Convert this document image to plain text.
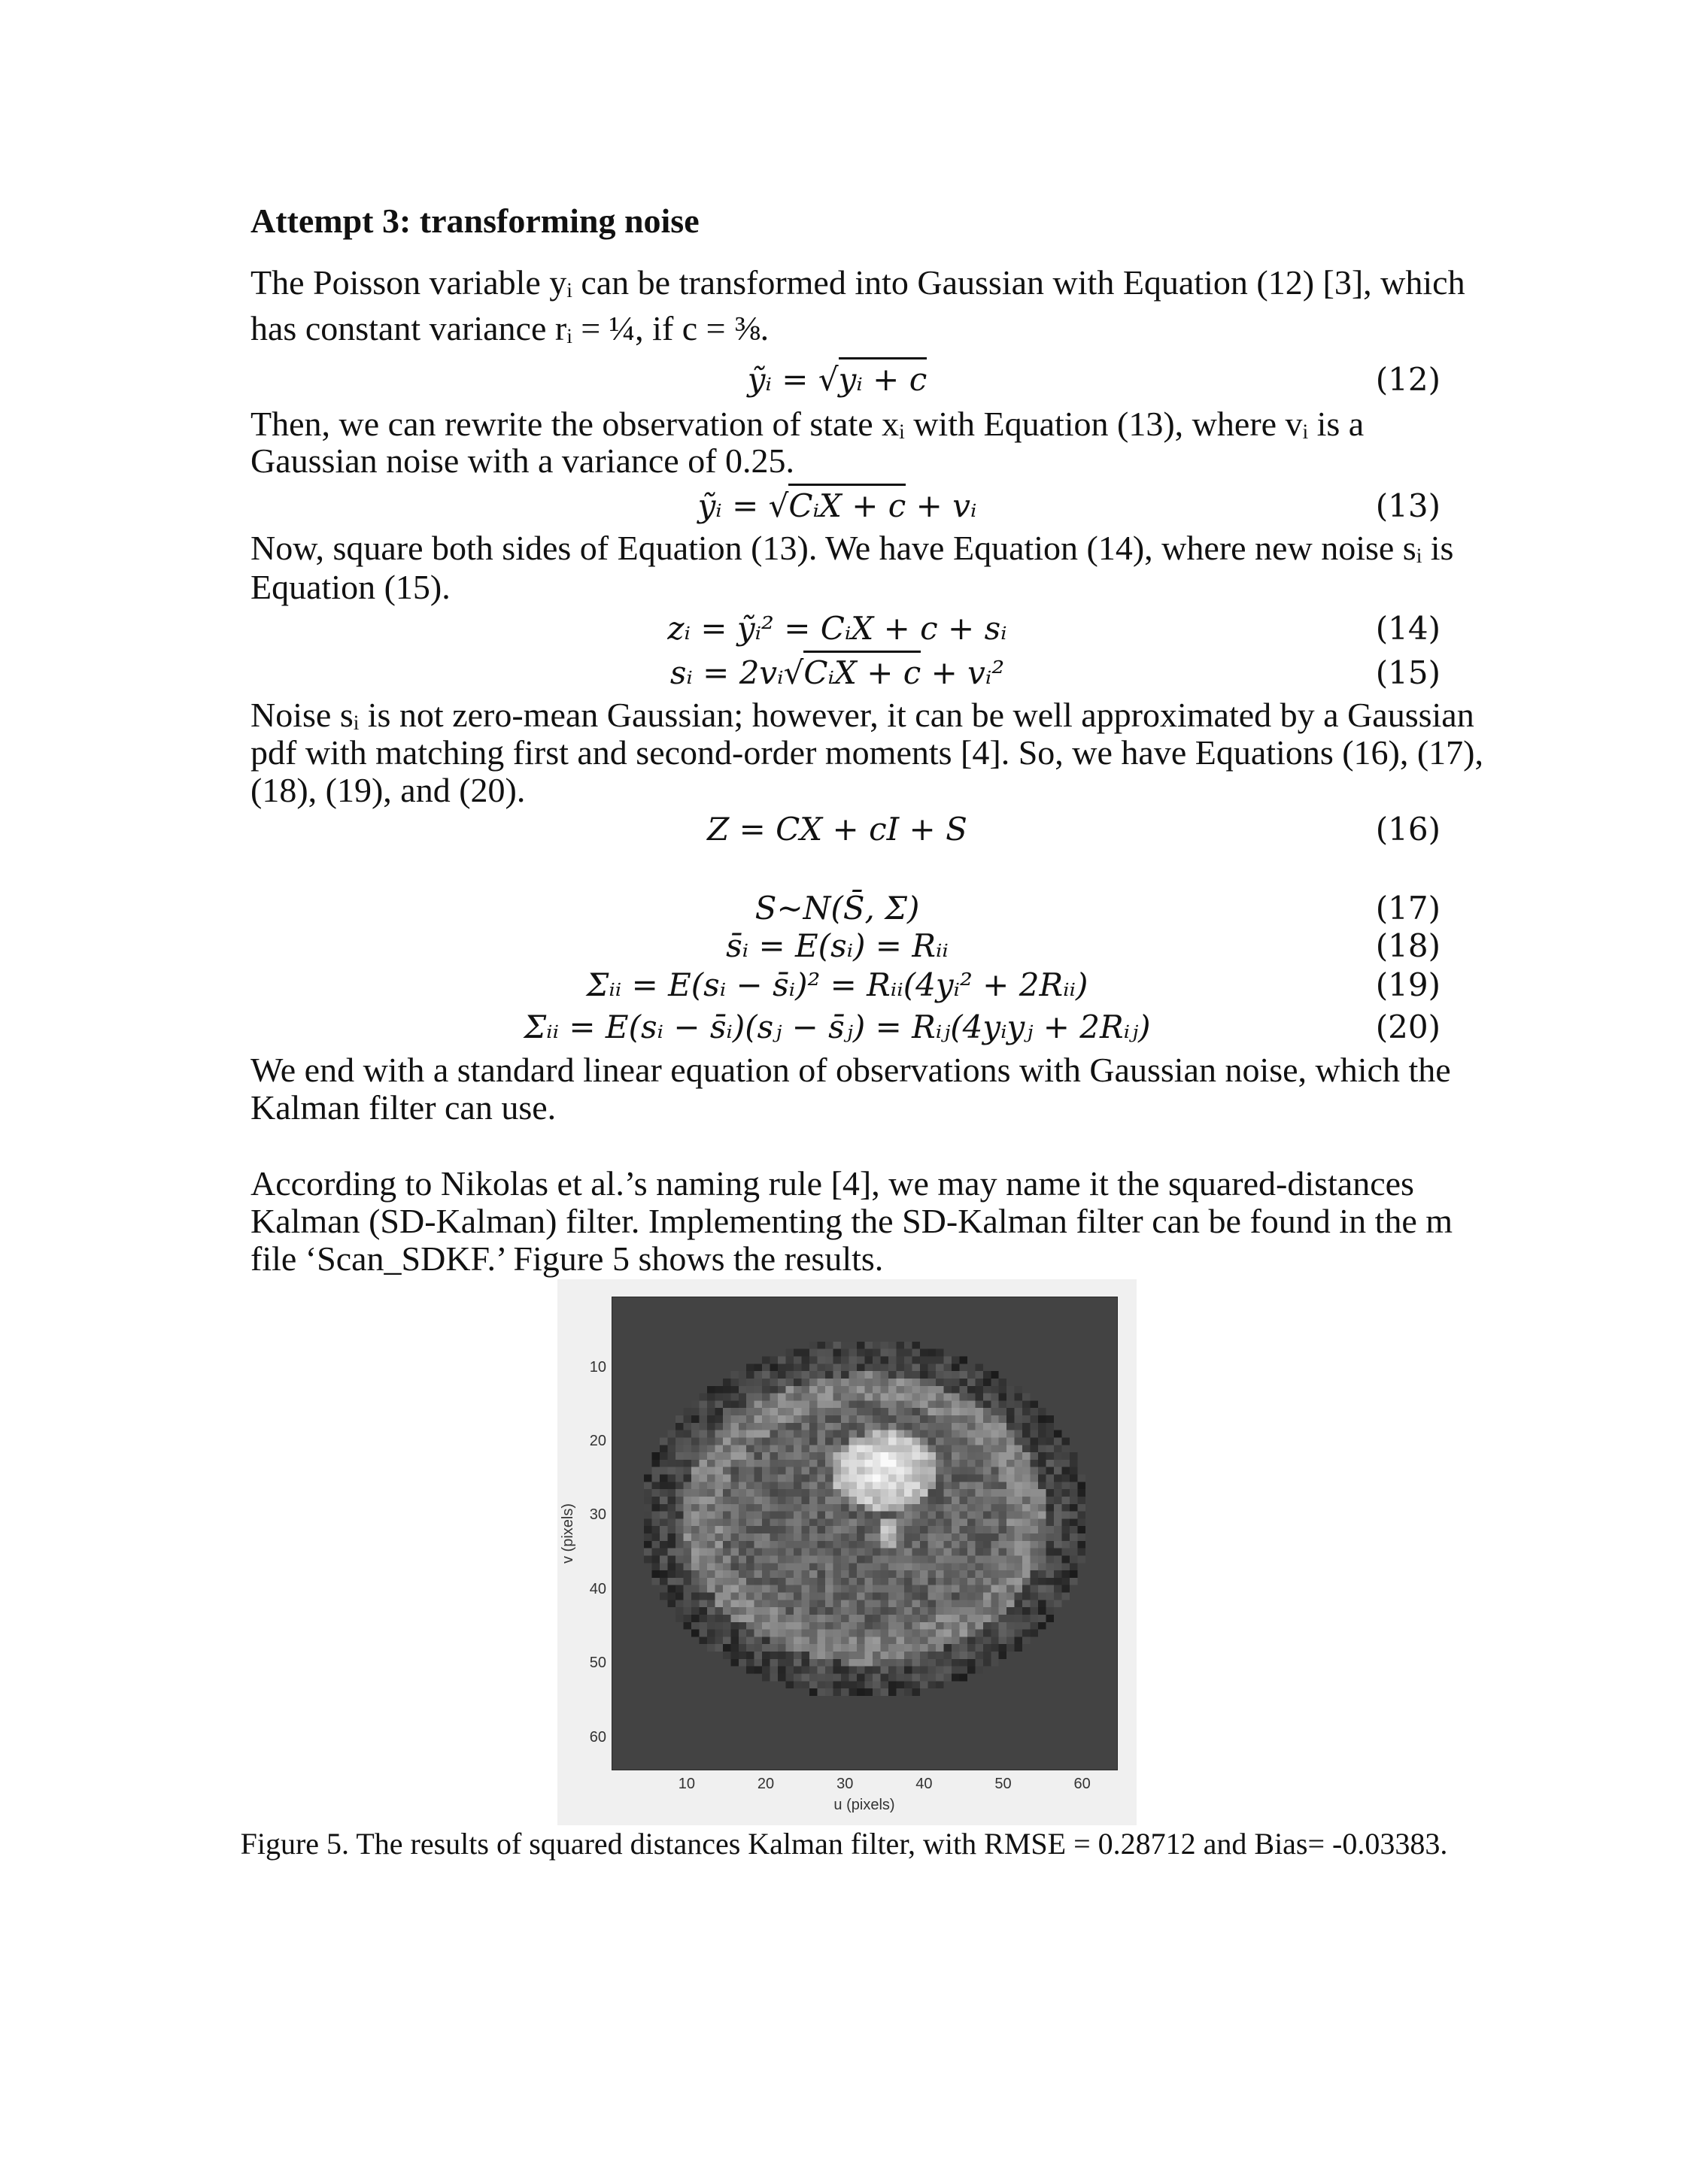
Attempt 3: transforming noise
The Poisson variable yᵢ can be transformed into Gaussian with Equation (12) [3], which
has constant variance rᵢ = ¼, if c = ⅜.
ỹᵢ = √yᵢ + c	(12)
Then, we can rewrite the observation of state xᵢ with Equation (13), where vᵢ is a
Gaussian noise with a variance of 0.25.
ỹᵢ = √CᵢX + c + vᵢ	(13)
Now, square both sides of Equation (13). We have Equation (14), where new noise sᵢ is
Equation (15).
zᵢ = ỹᵢ² = CᵢX + c + sᵢ	(14)
sᵢ = 2vᵢ√CᵢX + c + vᵢ²	(15)
Noise sᵢ is not zero-mean Gaussian; however, it can be well approximated by a Gaussian
pdf with matching first and second-order moments [4]. So, we have Equations (16), (17),
(18), (19), and (20).
Z = CX + cI + S	(16)
S~N(S̄, Σ)	(17)
s̄ᵢ = E(sᵢ) = Rᵢᵢ	(18)
Σᵢᵢ = E(sᵢ − s̄ᵢ)² = Rᵢᵢ(4yᵢ² + 2Rᵢᵢ)	(19)
Σᵢᵢ = E(sᵢ − s̄ᵢ)(sⱼ − s̄ⱼ) = Rᵢⱼ(4yᵢyⱼ + 2Rᵢⱼ)	(20)
We end with a standard linear equation of observations with Gaussian noise, which the
Kalman filter can use.
According to Nikolas et al.’s naming rule [4], we may name it the squared-distances
Kalman (SD-Kalman) filter. Implementing the SD-Kalman filter can be found in the m
file ‘Scan_SDKF.’ Figure 5 shows the results.
10	20	30	40	50	60
10
20
30
40
50
60
u (pixels)
v (pixels)
Figure 5. The results of squared distances Kalman filter, with RMSE = 0.28712 and Bias= -0.03383.
